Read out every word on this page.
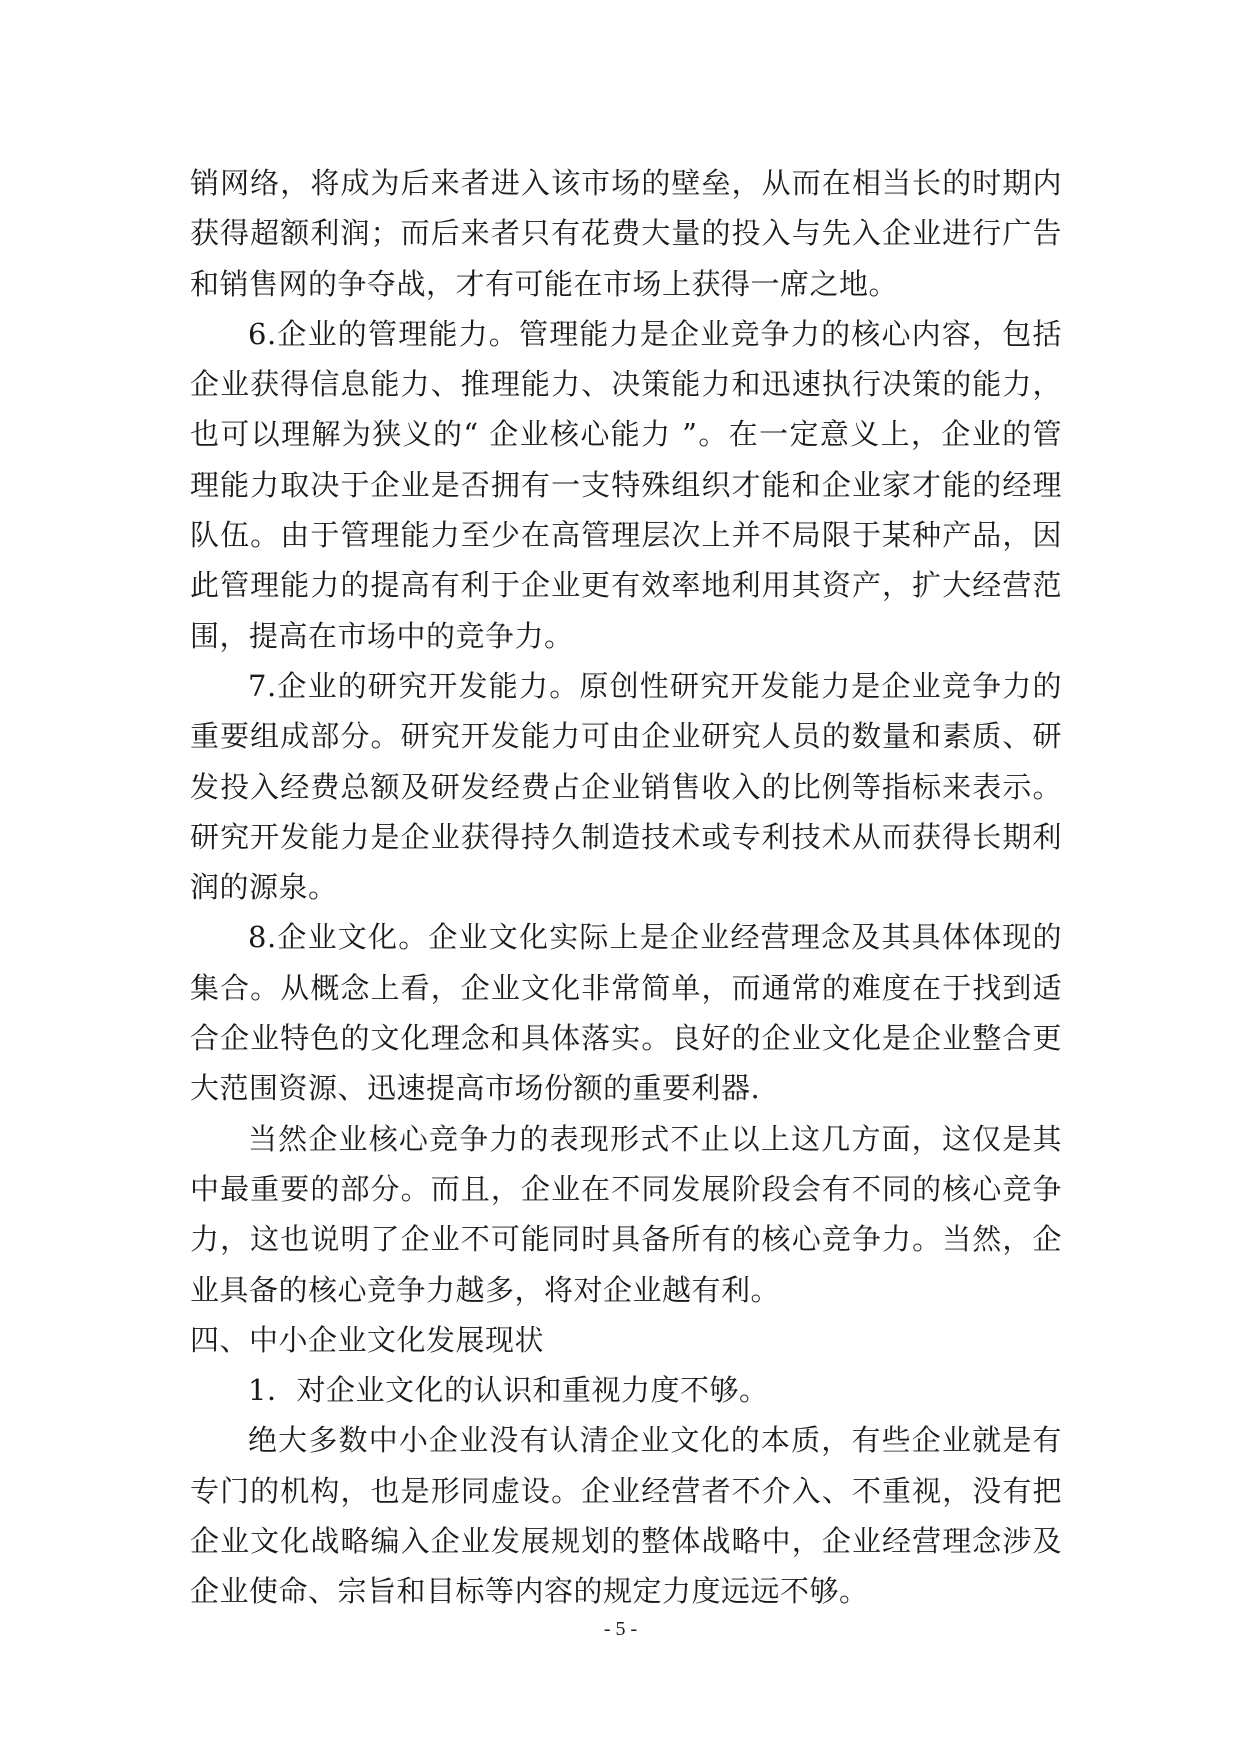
销网络，将成为后来者进入该市场的壁垒，从而在相当长的时期内获得超额利润；而后来者只有花费大量的投入与先入企业进行广告和销售网的争夺战，才有可能在市场上获得一席之地。

6.企业的管理能力。管理能力是企业竞争力的核心内容，包括企业获得信息能力、推理能力、决策能力和迅速执行决策的能力，也可以理解为狭义的“ 企业核心能力 ”。在一定意义上，企业的管理能力取决于企业是否拥有一支特殊组织才能和企业家才能的经理队伍。由于管理能力至少在高管理层次上并不局限于某种产品，因此管理能力的提高有利于企业更有效率地利用其资产，扩大经营范围，提高在市场中的竞争力。

7.企业的研究开发能力。原创性研究开发能力是企业竞争力的重要组成部分。研究开发能力可由企业研究人员的数量和素质、研发投入经费总额及研发经费占企业销售收入的比例等指标来表示。研究开发能力是企业获得持久制造技术或专利技术从而获得长期利润的源泉。

8.企业文化。企业文化实际上是企业经营理念及其具体体现的集合。从概念上看，企业文化非常简单，而通常的难度在于找到适合企业特色的文化理念和具体落实。良好的企业文化是企业整合更大范围资源、迅速提高市场份额的重要利器.

当然企业核心竞争力的表现形式不止以上这几方面，这仅是其中最重要的部分。而且，企业在不同发展阶段会有不同的核心竞争力，这也说明了企业不可能同时具备所有的核心竞争力。当然，企业具备的核心竞争力越多，将对企业越有利。

四、中小企业文化发展现状

1．对企业文化的认识和重视力度不够。

绝大多数中小企业没有认清企业文化的本质，有些企业就是有专门的机构，也是形同虚设。企业经营者不介入、不重视，没有把企业文化战略编入企业发展规划的整体战略中，企业经营理念涉及企业使命、宗旨和目标等内容的规定力度远远不够。

- 5 -
